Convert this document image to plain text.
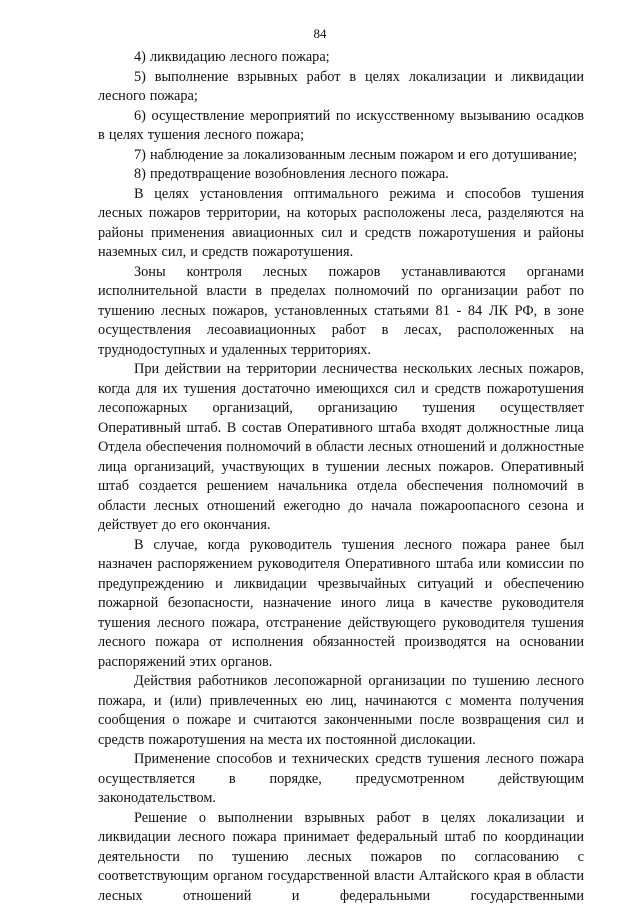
84

4) ликвидацию лесного пожара;

5) выполнение взрывных работ в целях локализации и ликвидации лесного пожара;

6) осуществление мероприятий по искусственному вызыванию осадков в целях тушения лесного пожара;

7) наблюдение за локализованным лесным пожаром и его дотушивание;

8) предотвращение возобновления лесного пожара.

В целях установления оптимального режима и способов тушения лесных пожаров территории, на которых расположены леса, разделяются на районы применения авиационных сил и средств пожаротушения и районы наземных сил, и средств пожаротушения.

Зоны контроля лесных пожаров устанавливаются органами исполнительной власти в пределах полномочий по организации работ по тушению лесных пожаров, установленных статьями 81 - 84 ЛК РФ, в зоне осуществления лесоавиационных работ в лесах, расположенных на труднодоступных и удаленных территориях.

При действии на территории лесничества нескольких лесных пожаров, когда для их тушения достаточно имеющихся сил и средств пожаротушения лесопожарных организаций, организацию тушения осуществляет Оперативный штаб. В состав Оперативного штаба входят должностные лица Отдела обеспечения полномочий в области лесных отношений и должностные лица организаций, участвующих в тушении лесных пожаров. Оперативный штаб создается решением начальника отдела обеспечения полномочий в области лесных отношений ежегодно до начала пожароопасного сезона и действует до его окончания.

В случае, когда руководитель тушения лесного пожара ранее был назначен распоряжением руководителя Оперативного штаба или комиссии по предупреждению и ликвидации чрезвычайных ситуаций и обеспечению пожарной безопасности, назначение иного лица в качестве руководителя тушения лесного пожара, отстранение действующего руководителя тушения лесного пожара от исполнения обязанностей производятся на основании распоряжений этих органов.

Действия работников лесопожарной организации по тушению лесного пожара, и (или) привлеченных ею лиц, начинаются с момента получения сообщения о пожаре и считаются законченными после возвращения сил и средств пожаротушения на места их постоянной дислокации.

Применение способов и технических средств тушения лесного пожара осуществляется в порядке, предусмотренном действующим законодательством.

Решение о выполнении взрывных работ в целях локализации и ликвидации лесного пожара принимает федеральный штаб по координации деятельности по тушению лесных пожаров по согласованию с соответствующим органом государственной власти Алтайского края в области лесных отношений и федеральными государственными
